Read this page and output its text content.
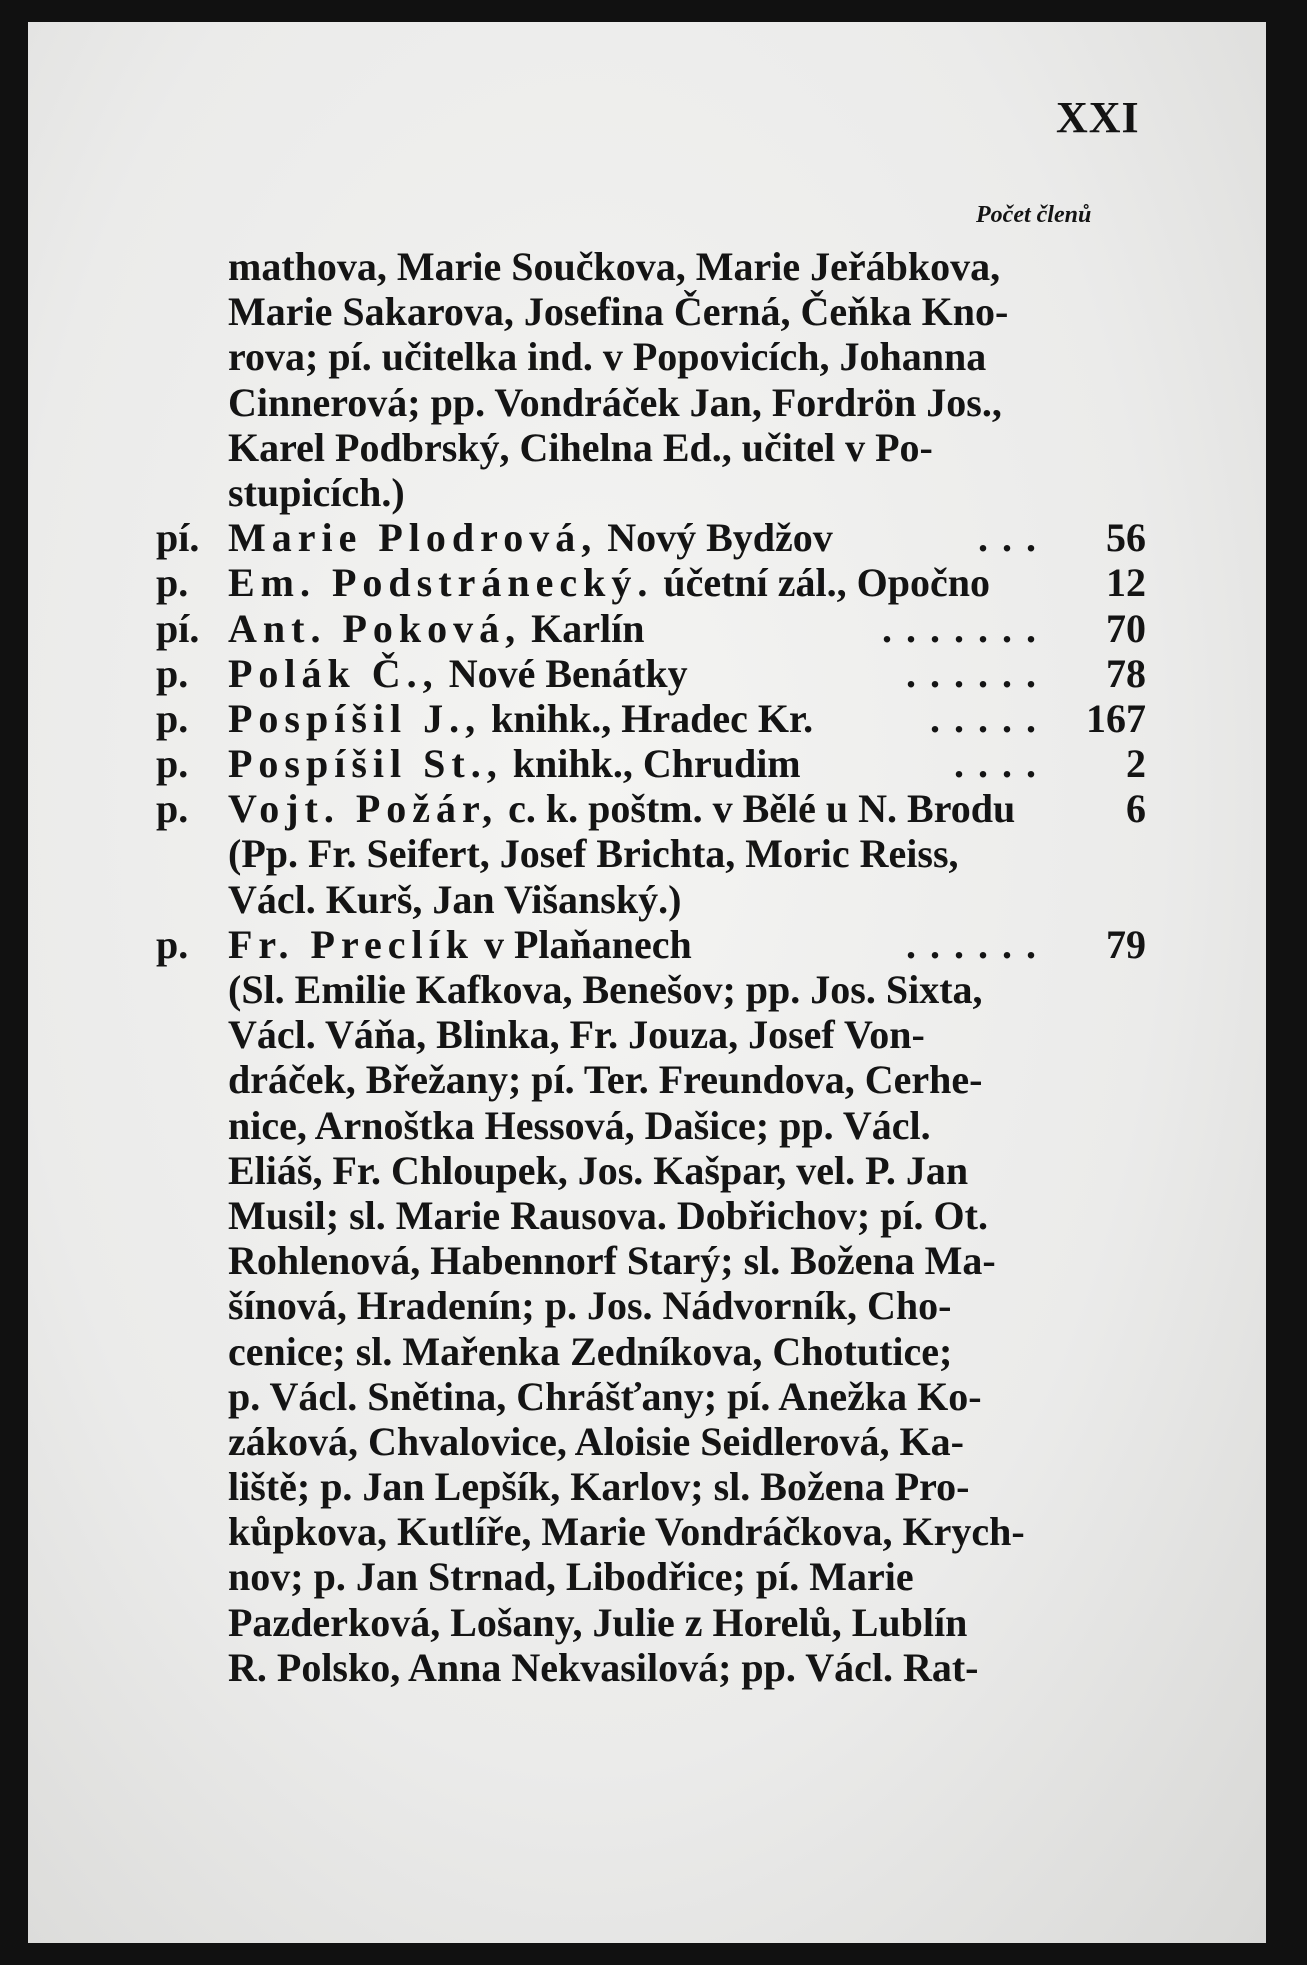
XXI
Počet členů
mathova, Marie Součkova, Marie Jeřábkova,
Marie Sakarova, Josefina Černá, Čeňka Kno-
rova; pí. učitelka ind. v Popovicích, Johanna
Cinnerová; pp. Vondráček Jan, Fordrön Jos.,
Karel Podbrský, Cihelna Ed., učitel v Po-
stupicích.)
pí. Marie Plodrová, Nový Bydžov	...	56
p. Em. Podstránecký. účetní zál., Opočno	12
pí. Ant. Poková, Karlín	.......	70
p. Polák Č., Nové Benátky	......	78
p. Pospíšil J., knihk., Hradec Kr.	..... 167
p. Pospíšil St., knihk., Chrudim	....	2
p. Vojt. Požár, c. k. poštm. v Bělé u N. Brodu	6
(Pp. Fr. Seifert, Josef Brichta, Moric Reiss,
Václ. Kurš, Jan Višanský.)
p. Fr. Preclík v Plaňanech	......	79
(Sl. Emilie Kafkova, Benešov; pp. Jos. Sixta,
Václ. Váňa, Blinka, Fr. Jouza, Josef Von-
dráček, Břežany; pí. Ter. Freundova, Cerhe-
nice, Arnoštka Hessová, Dašice; pp. Václ.
Eliáš, Fr. Chloupek, Jos. Kašpar, vel. P. Jan
Musil; sl. Marie Rausova. Dobřichov; pí. Ot.
Rohlenová, Habennorf Starý; sl. Božena Ma-
šínová, Hradenín; p. Jos. Nádvorník, Cho-
cenice; sl. Mařenka Zedníkova, Chotutice;
p. Václ. Snětina, Chrášťany; pí. Anežka Ko-
záková, Chvalovice, Aloisie Seidlerová, Ka-
liště; p. Jan Lepšík, Karlov; sl. Božena Pro-
kůpkova, Kutlíře, Marie Vondráčkova, Krych-
nov; p. Jan Strnad, Libodřice; pí. Marie
Pazderková, Lošany, Julie z Horelů, Lublín
R. Polsko, Anna Nekvasilová; pp. Václ. Rat-
